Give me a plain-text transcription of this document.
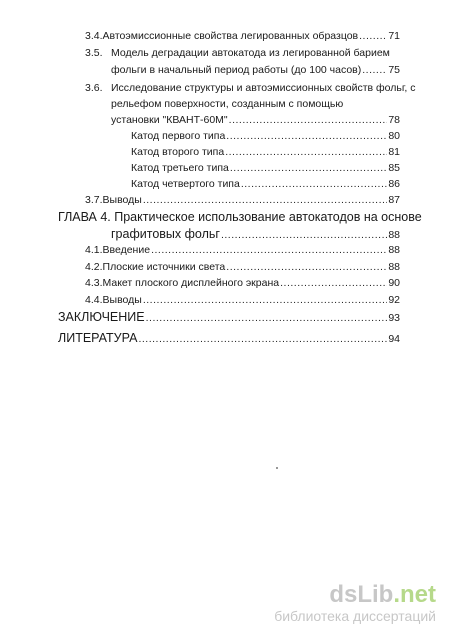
3.4. Автоэмиссионные свойства легированных образцов .....	71
3.5. Модель деградации автокатода из легированной барием
фольги в начальный период работы (до 100 часов) .....	75
3.6. Исследование структуры и автоэмиссионных свойств фольг, с
рельефом поверхности, созданным с помощью
установки "КВАНТ-60М" .....	78
Катод первого типа .....	80
Катод второго типа .....	81
Катод третьего типа .....	85
Катод четвертого типа .....	86
3.7. Выводы .....	87
ГЛАВА 4. Практическое использование автокатодов на основе
графитовых фольг .....	88
4.1. Введение .....	88
4.2. Плоские источники света .....	88
4.3. Макет плоского дисплейного экрана .....	90
4.4. Выводы .....	92
ЗАКЛЮЧЕНИЕ .....	93
ЛИТЕРАТУРА .....	94
dsLib.net
библиотека диссертаций
